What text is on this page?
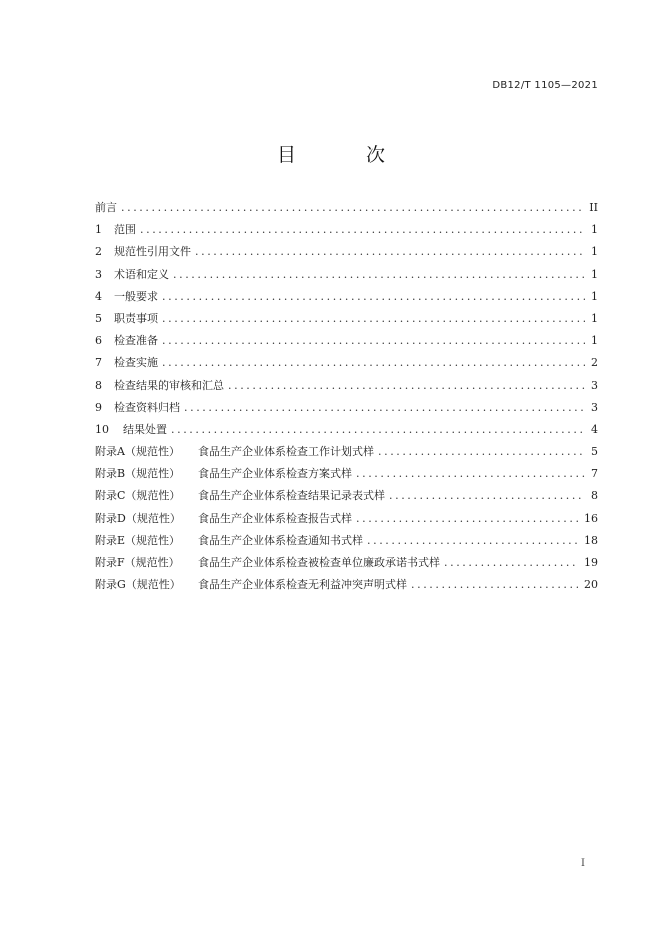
DB12/T 1105—2021
目 次
前言 .....	II
1 范围 .....	1
2 规范性引用文件 .....	1
3 术语和定义 .....	1
4 一般要求 .....	1
5 职责事项 .....	1
6 检查准备 .....	1
7 检查实施 .....	2
8 检查结果的审核和汇总 .....	3
9 检查资料归档 .....	3
10 结果处置 .....	4
附录A（规范性）	食品生产企业体系检查工作计划式样 .....	5
附录B（规范性）	食品生产企业体系检查方案式样 .....	7
附录C（规范性）	食品生产企业体系检查结果记录表式样 .....	8
附录D（规范性）	食品生产企业体系检查报告式样 .....	16
附录E（规范性）	食品生产企业体系检查通知书式样 .....	18
附录F（规范性）	食品生产企业体系检查被检查单位廉政承诺书式样 .....	19
附录G（规范性）	食品生产企业体系检查无利益冲突声明式样 .....	20
I
